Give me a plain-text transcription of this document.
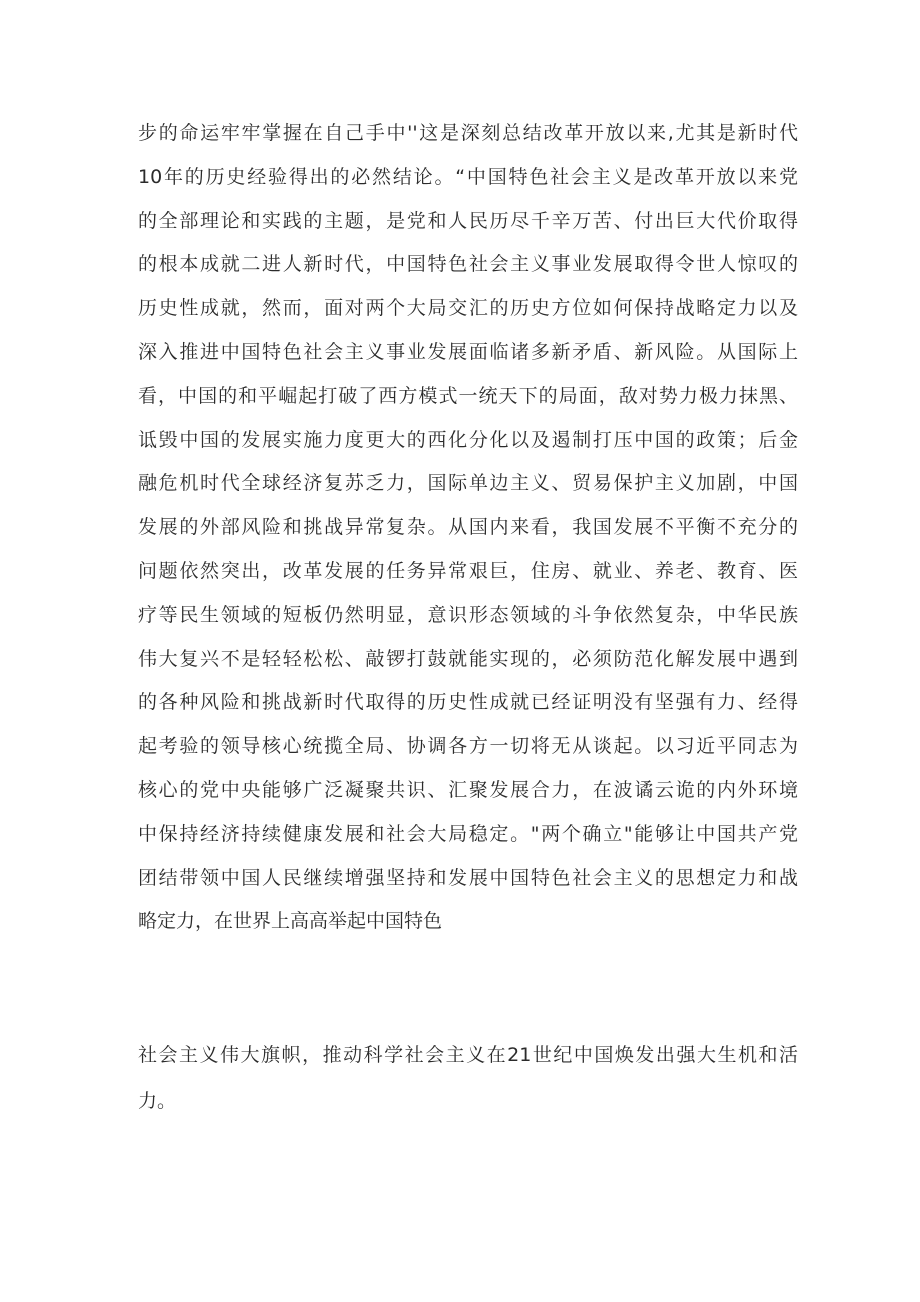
步的命运牢牢掌握在自己手中''这是深刻总结改革开放以来,尤其是新时代
10年的历史经验得出的必然结论。“中国特色社会主义是改革开放以来党
的全部理论和实践的主题，是党和人民历尽千辛万苦、付出巨大代价取得
的根本成就二进人新时代，中国特色社会主义事业发展取得令世人惊叹的
历史性成就，然而，面对两个大局交汇的历史方位如何保持战略定力以及
深入推进中国特色社会主义事业发展面临诸多新矛盾、新风险。从国际上
看，中国的和平崛起打破了西方模式一统天下的局面，敌对势力极力抹黑、
诋毁中国的发展实施力度更大的西化分化以及遏制打压中国的政策；后金
融危机时代全球经济复苏乏力，国际单边主义、贸易保护主义加剧，中国
发展的外部风险和挑战异常复杂。从国内来看，我国发展不平衡不充分的
问题依然突出，改革发展的任务异常艰巨，住房、就业、养老、教育、医
疗等民生领域的短板仍然明显，意识形态领域的斗争依然复杂，中华民族
伟大复兴不是轻轻松松、敲锣打鼓就能实现的，必须防范化解发展中遇到
的各种风险和挑战新时代取得的历史性成就已经证明没有坚强有力、经得
起考验的领导核心统揽全局、协调各方一切将无从谈起。以习近平同志为
核心的党中央能够广泛凝聚共识、汇聚发展合力，在波谲云诡的内外环境
中保持经济持续健康发展和社会大局稳定。"两个确立"能够让中国共产党
团结带领中国人民继续增强坚持和发展中国特色社会主义的思想定力和战
略定力，在世界上高高举起中国特色
社会主义伟大旗帜，推动科学社会主义在21世纪中国焕发出强大生机和活
力。
